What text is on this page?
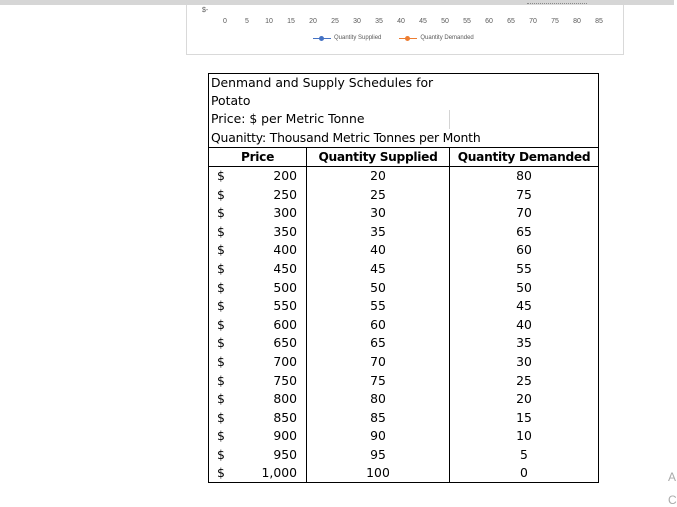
$-
0	5 10 15 20 25 30 35 40 45 50 55 60 65 70 75 80 85
Quantity Supplied	Quantity Demanded
Denmand and Supply Schedules for Potato		
Price: $ per Metric Tonne		
Quanitty: Thousand Metric Tonnes per Month		
Price	Quantity Supplied	Quantity Demanded

$ 200	20	80

$ 250	25	75

$ 300	30	70

$ 350	35	65

$ 400	40	60

$ 450	45	55

$ 500	50	50

$ 550	55	45

$ 600	60	40

$ 650	65	35

$ 700	70	30

$ 750	75	25

$ 800	80	20

$ 850	85	15

$ 900	90	10

$ 950	95	5

$ 1,000	100	0	A
C
